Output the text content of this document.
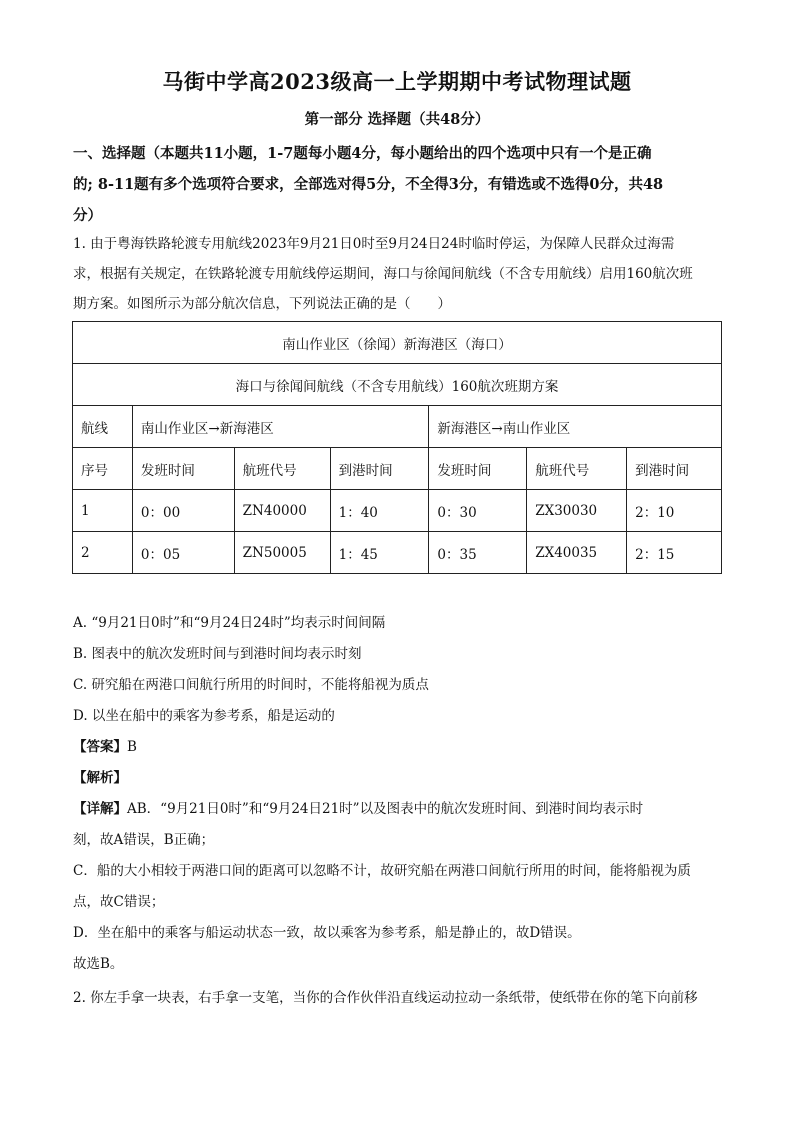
马街中学高2023级高一上学期期中考试物理试题
第一部分 选择题（共48分）
一、选择题（本题共11小题，1-7题每小题4分，每小题给出的四个选项中只有一个是正确
的; 8-11题有多个选项符合要求，全部选对得5分，不全得3分，有错选或不选得0分，共48
分）
1. 由于粤海铁路轮渡专用航线2023年9月21日0时至9月24日24时临时停运，为保障人民群众过海需
求，根据有关规定，在铁路轮渡专用航线停运期间，海口与徐闻间航线（不含专用航线）启用160航次班
期方案。如图所示为部分航次信息，下列说法正确的是（　　）
南山作业区（徐闻）新海港区（海口）						
海口与徐闻间航线（不含专用航线）160航次班期方案						
航线	南山作业区→新海港区			新海港区→南山作业区		
序号	发班时间	航班代号	到港时间	发班时间	航班代号	到港时间
1	0：00	ZN40000	1：40	0：30	ZX30030	2：10
2	0：05	ZN50005	1：45	0：35	ZX40035	2：15
A. “9月21日0时”和“9月24日24时”均表示时间间隔
B. 图表中的航次发班时间与到港时间均表示时刻
C. 研究船在两港口间航行所用的时间时，不能将船视为质点
D. 以坐在船中的乘客为参考系，船是运动的
【答案】B
【解析】
【详解】AB．“9月21日0时”和“9月24日21时”以及图表中的航次发班时间、到港时间均表示时
刻，故A错误，B正确；
C．船的大小相较于两港口间的距离可以忽略不计，故研究船在两港口间航行所用的时间，能将船视为质
点，故C错误；
D．坐在船中的乘客与船运动状态一致，故以乘客为参考系，船是静止的，故D错误。
故选B。
2. 你左手拿一块表，右手拿一支笔，当你的合作伙伴沿直线运动拉动一条纸带，使纸带在你的笔下向前移
